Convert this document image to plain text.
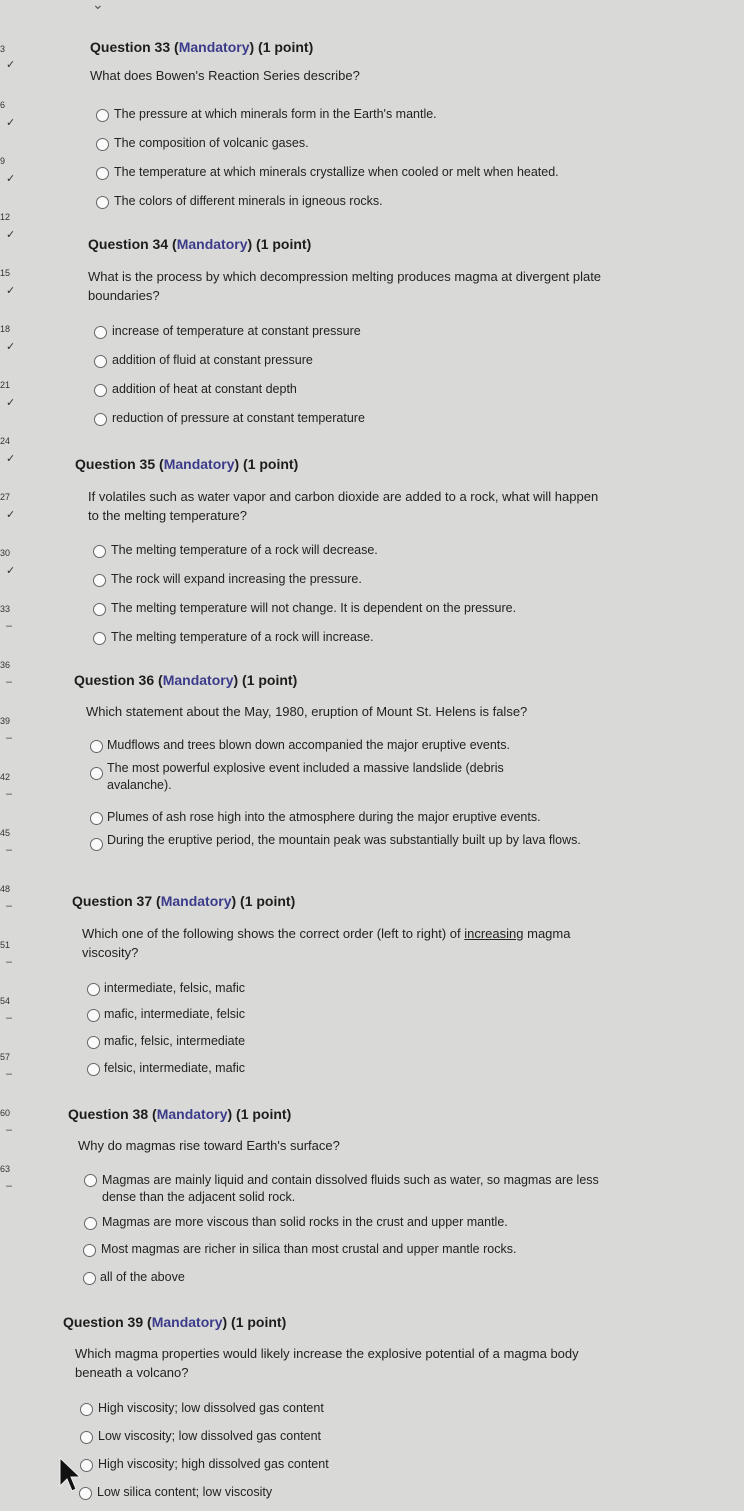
⌄
3
✓
6
✓
9
✓
12
✓
15
✓
18
✓
21
✓
24
✓
27
✓
30
✓
33
–
36
–
39
–
42
–
45
–
48
–
51
–
54
–
57
–
60
–
63
–
Question 33 (Mandatory) (1 point)
What does Bowen's Reaction Series describe?
The pressure at which minerals form in the Earth's mantle.
The composition of volcanic gases.
The temperature at which minerals crystallize when cooled or melt when heated.
The colors of different minerals in igneous rocks.
Question 34 (Mandatory) (1 point)
What is the process by which decompression melting produces magma at divergent plate boundaries?
increase of temperature at constant pressure
addition of fluid at constant pressure
addition of heat at constant depth
reduction of pressure at constant temperature
Question 35 (Mandatory) (1 point)
If volatiles such as water vapor and carbon dioxide are added to a rock, what will happen to the melting temperature?
The melting temperature of a rock will decrease.
The rock will expand increasing the pressure.
The melting temperature will not change. It is dependent on the pressure.
The melting temperature of a rock will increase.
Question 36 (Mandatory) (1 point)
Which statement about the May, 1980, eruption of Mount St. Helens is false?
Mudflows and trees blown down accompanied the major eruptive events.
The most powerful explosive event included a massive landslide (debris avalanche).
Plumes of ash rose high into the atmosphere during the major eruptive events.
During the eruptive period, the mountain peak was substantially built up by lava flows.
Question 37 (Mandatory) (1 point)
Which one of the following shows the correct order (left to right) of increasing magma viscosity?
intermediate, felsic, mafic
mafic, intermediate, felsic
mafic, felsic, intermediate
felsic, intermediate, mafic
Question 38 (Mandatory) (1 point)
Why do magmas rise toward Earth's surface?
Magmas are mainly liquid and contain dissolved fluids such as water, so magmas are less dense than the adjacent solid rock.
Magmas are more viscous than solid rocks in the crust and upper mantle.
Most magmas are richer in silica than most crustal and upper mantle rocks.
all of the above
Question 39 (Mandatory) (1 point)
Which magma properties would likely increase the explosive potential of a magma body beneath a volcano?
High viscosity; low dissolved gas content
Low viscosity; low dissolved gas content
High viscosity; high dissolved gas content
Low silica content; low viscosity
